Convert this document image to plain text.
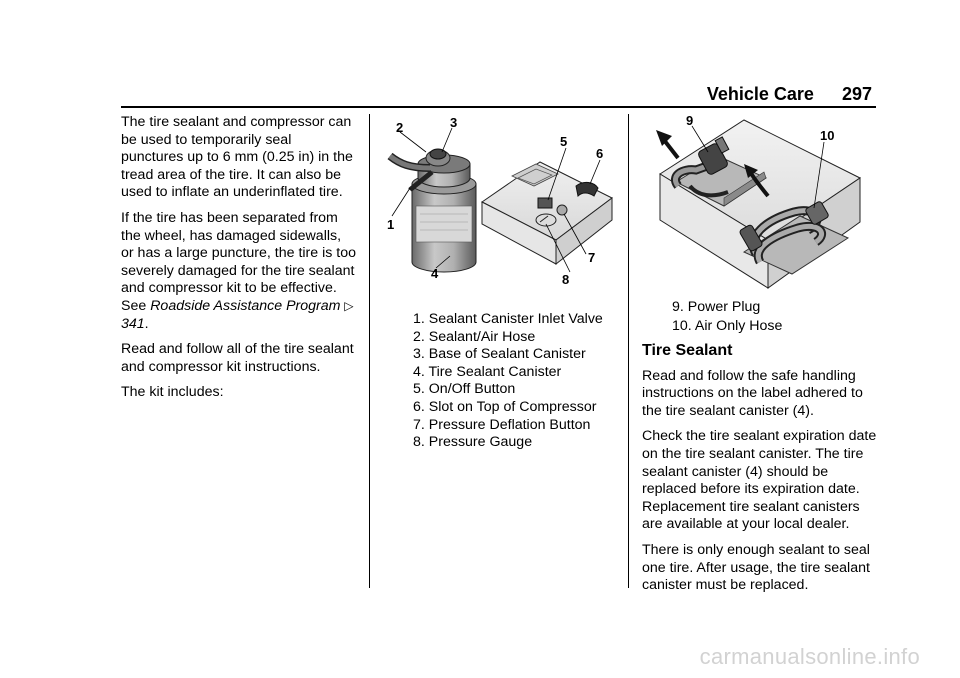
Vehicle Care 297

The tire sealant and compressor can be used to temporarily seal punctures up to 6 mm (0.25 in) in the tread area of the tire. It can also be used to inflate an underinflated tire.

If the tire has been separated from the wheel, has damaged sidewalls, or has a large puncture, the tire is too severely damaged for the tire sealant and compressor kit to be effective. See Roadside Assistance Program▽341.

Read and follow all of the tire sealant and compressor kit instructions.

The kit includes:

1
2	3
4
5
6
7
8
1. Sealant Canister Inlet Valve
2. Sealant/Air Hose
3. Base of Sealant Canister
4. Tire Sealant Canister
5. On/Off Button
6. Slot on Top of Compressor
7. Pressure Deflation Button
8. Pressure Gauge
9
10
9. Power Plug
10. Air Only Hose
Tire Sealant

Read and follow the safe handling instructions on the label adhered to the tire sealant canister (4).

Check the tire sealant expiration date on the tire sealant canister. The tire sealant canister (4) should be replaced before its expiration date. Replacement tire sealant canisters are available at your local dealer.

There is only enough sealant to seal one tire. After usage, the tire sealant canister must be replaced.

carmanualsonline.info
